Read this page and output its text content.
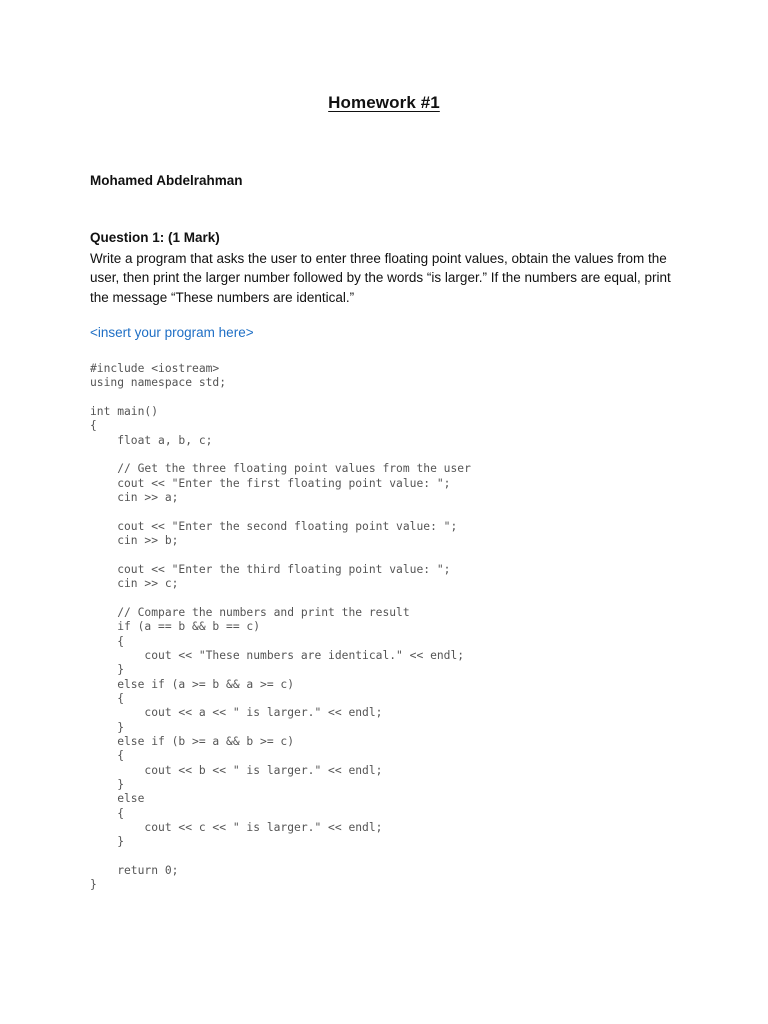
Homework #1
Mohamed Abdelrahman
Question 1: (1 Mark)
Write a program that asks the user to enter three floating point values, obtain the values from the user, then print the larger number followed by the words “is larger.” If the numbers are equal, print the message “These numbers are identical.”
<insert your program here>
#include <iostream>
using namespace std;

int main()
{
float a, b, c;

// Get the three floating point values from the user
cout << "Enter the first floating point value: ";
cin >> a;

cout << "Enter the second floating point value: ";
cin >> b;

cout << "Enter the third floating point value: ";
cin >> c;

// Compare the numbers and print the result
if (a == b && b == c)
{
cout << "These numbers are identical." << endl;
}
else if (a >= b && a >= c)
{
cout << a << " is larger." << endl;
}
else if (b >= a && b >= c)
{
cout << b << " is larger." << endl;
}
else
{
cout << c << " is larger." << endl;
}

return 0;
}
